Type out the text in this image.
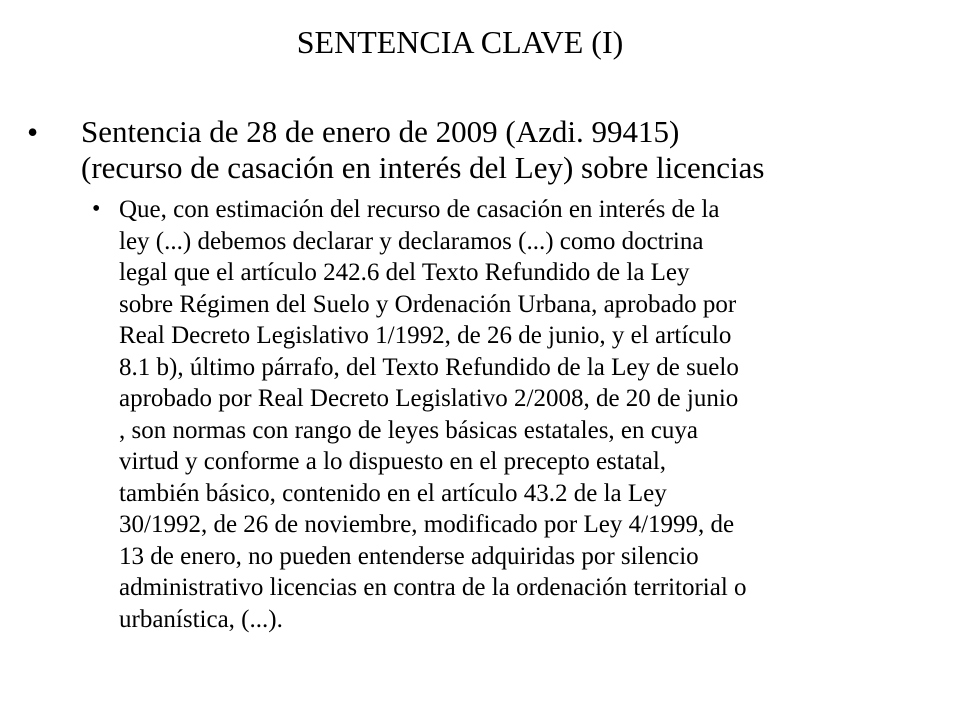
SENTENCIA CLAVE (I)
• Sentencia de 28 de enero de 2009 (Azdi. 99415)
(recurso de casación en interés del Ley) sobre licencias
• Que, con estimación del recurso de casación en interés de la
ley (...) debemos declarar y declaramos (...) como doctrina
legal que el artículo 242.6 del Texto Refundido de la Ley
sobre Régimen del Suelo y Ordenación Urbana, aprobado por
Real Decreto Legislativo 1/1992, de 26 de junio, y el artículo
8.1 b), último párrafo, del Texto Refundido de la Ley de suelo
aprobado por Real Decreto Legislativo 2/2008, de 20 de junio
, son normas con rango de leyes básicas estatales, en cuya
virtud y conforme a lo dispuesto en el precepto estatal,
también básico, contenido en el artículo 43.2 de la Ley
30/1992, de 26 de noviembre, modificado por Ley 4/1999, de
13 de enero, no pueden entenderse adquiridas por silencio
administrativo licencias en contra de la ordenación territorial o
urbanística, (...).
